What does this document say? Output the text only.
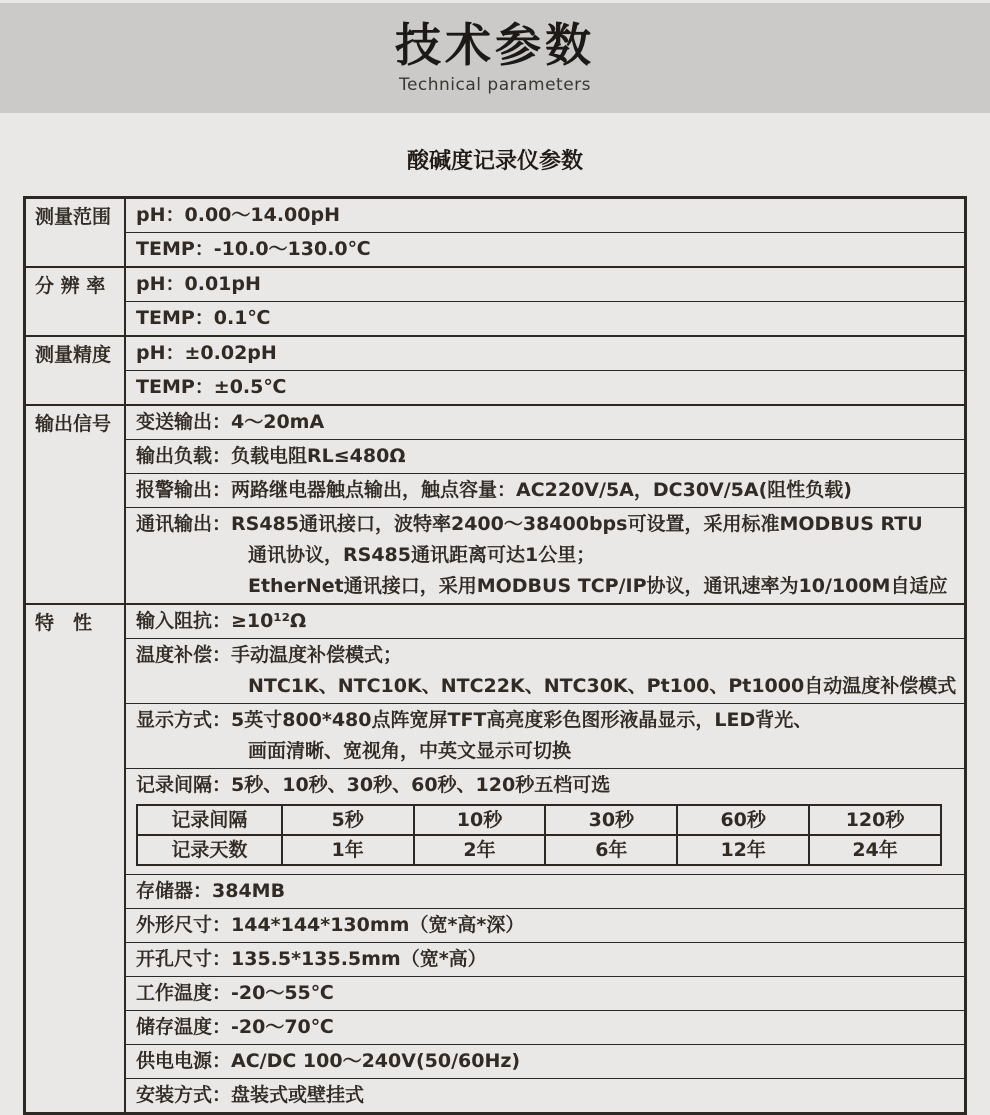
技术参数
Technical parameters
酸碱度记录仪参数
测量范围	pH：0.00～14.00pH
TEMP：-10.0～130.0℃
分 辨 率	pH：0.01pH
TEMP：0.1℃
测量精度	pH：±0.02pH
TEMP：±0.5℃
输出信号	变送输出：4～20mA
输出负载：负载电阻RL≤480Ω
报警输出：两路继电器触点输出，触点容量：AC220V/5A，DC30V/5A(阻性负载)
通讯输出：RS485通讯接口，波特率2400～38400bps可设置，采用标准MODBUS RTU
通讯协议，RS485通讯距离可达1公里；
EtherNet通讯接口，采用MODBUS TCP/IP协议，通讯速率为10/100M自适应
特　性	输入阻抗：≥10¹²Ω
温度补偿：手动温度补偿模式；
NTC1K、NTC10K、NTC22K、NTC30K、Pt100、Pt1000自动温度补偿模式
显示方式：5英寸800*480点阵宽屏TFT高亮度彩色图形液晶显示，LED背光、
画面清晰、宽视角，中英文显示可切换
记录间隔：5秒、10秒、30秒、60秒、120秒五档可选
记录间隔	5秒	10秒	30秒	60秒	120秒
记录天数	1年	2年	6年	12年	24年
存储器：384MB
外形尺寸：144*144*130mm（宽*高*深）
开孔尺寸：135.5*135.5mm（宽*高）
工作温度：-20～55℃
储存温度：-20～70℃
供电电源：AC/DC 100～240V(50/60Hz)
安装方式：盘装式或壁挂式
